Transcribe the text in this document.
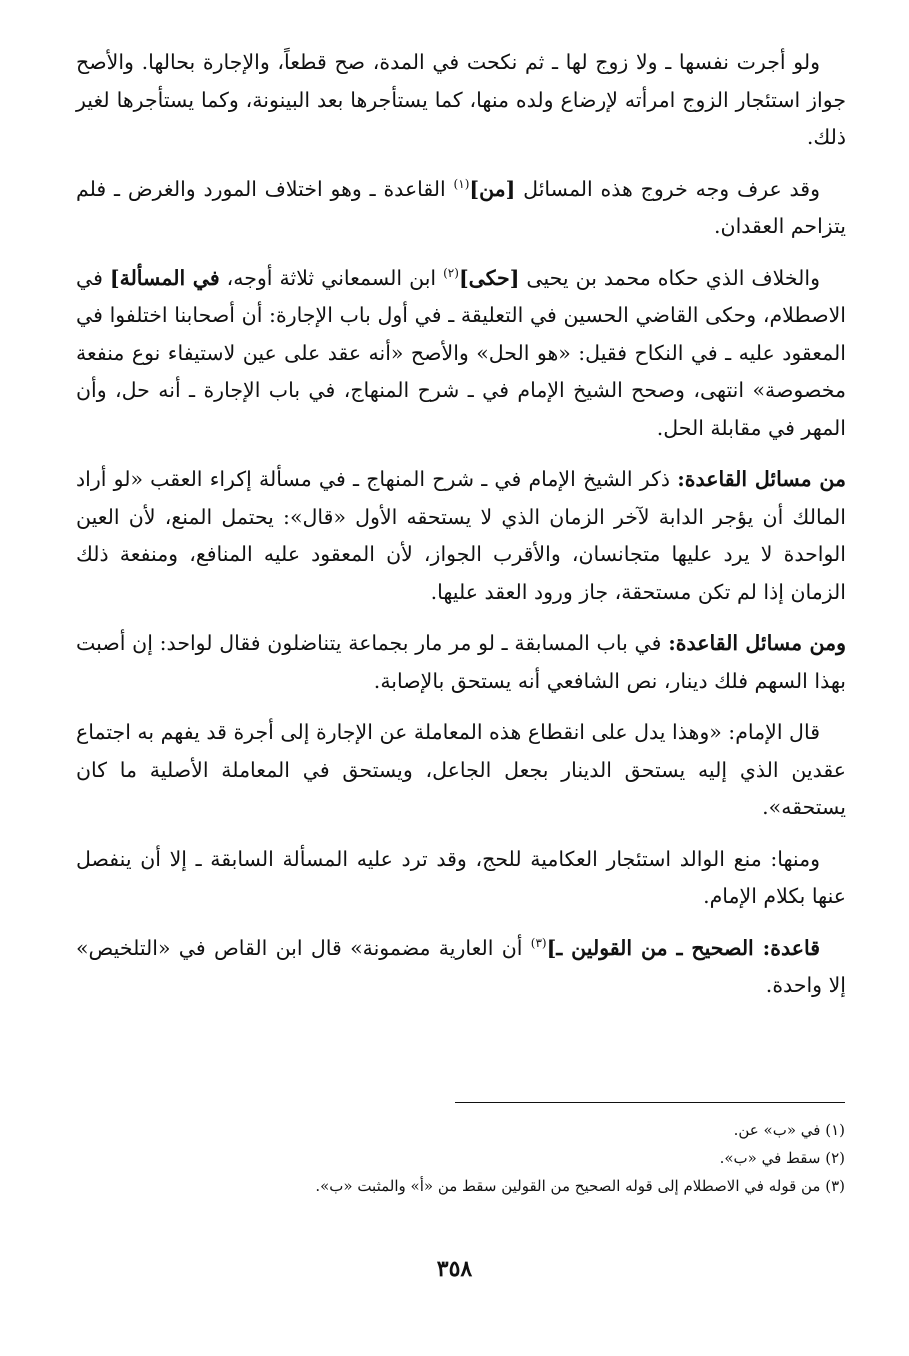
ولو أجرت نفسها ـ ولا زوج لها ـ ثم نكحت في المدة، صح قطعاً، والإجارة بحالها. والأصح جواز استئجار الزوج امرأته لإرضاع ولده منها، كما يستأجرها بعد البينونة، وكما يستأجرها لغير ذلك.

وقد عرف وجه خروج هذه المسائل [من]$^{(١)}$ القاعدة ـ وهو اختلاف المورد والغرض ـ فلم يتزاحم العقدان.

والخلاف الذي حكاه محمد بن يحيى [حكى]$^{(٢)}$ ابن السمعاني ثلاثة أوجه، في المسألة] في الاصطلام، وحكى القاضي الحسين في التعليقة ـ في أول باب الإجارة: أن أصحابنا اختلفوا في المعقود عليه ـ في النكاح فقيل: «هو الحل» والأصح «أنه عقد على عين لاستيفاء نوع منفعة مخصوصة» انتهى، وصحح الشيخ الإمام في ـ شرح المنهاج، في باب الإجارة ـ أنه حل، وأن المهر في مقابلة الحل.

من مسائل القاعدة: ذكر الشيخ الإمام في ـ شرح المنهاج ـ في مسألة إكراء العقب «لو أراد المالك أن يؤجر الدابة لآخر الزمان الذي لا يستحقه الأول «قال»: يحتمل المنع، لأن العين الواحدة لا يرد عليها متجانسان، والأقرب الجواز، لأن المعقود عليه المنافع، ومنفعة ذلك الزمان إذا لم تكن مستحقة، جاز ورود العقد عليها.

ومن مسائل القاعدة: في باب المسابقة ـ لو مر مار بجماعة يتناضلون فقال لواحد: إن أصبت بهذا السهم فلك دينار، نص الشافعي أنه يستحق بالإصابة.

قال الإمام: «وهذا يدل على انقطاع هذه المعاملة عن الإجارة إلى أجرة قد يفهم به اجتماع عقدين الذي إليه يستحق الدينار بجعل الجاعل، ويستحق في المعاملة الأصلية ما كان يستحقه».

ومنها: منع الوالد استئجار العكامية للحج، وقد ترد عليه المسألة السابقة ـ إلا أن ينفصل عنها بكلام الإمام.

قاعدة: الصحيح ـ من القولين ـ]$^{(٣)}$ أن العارية مضمونة» قال ابن القاص في «التلخيص» إلا واحدة.

(١) في «ب» عن.

(٢) سقط في «ب».

(٣) من قوله في الاصطلام إلى قوله الصحيح من القولين سقط من «أ» والمثبت «ب».

٣٥٨
